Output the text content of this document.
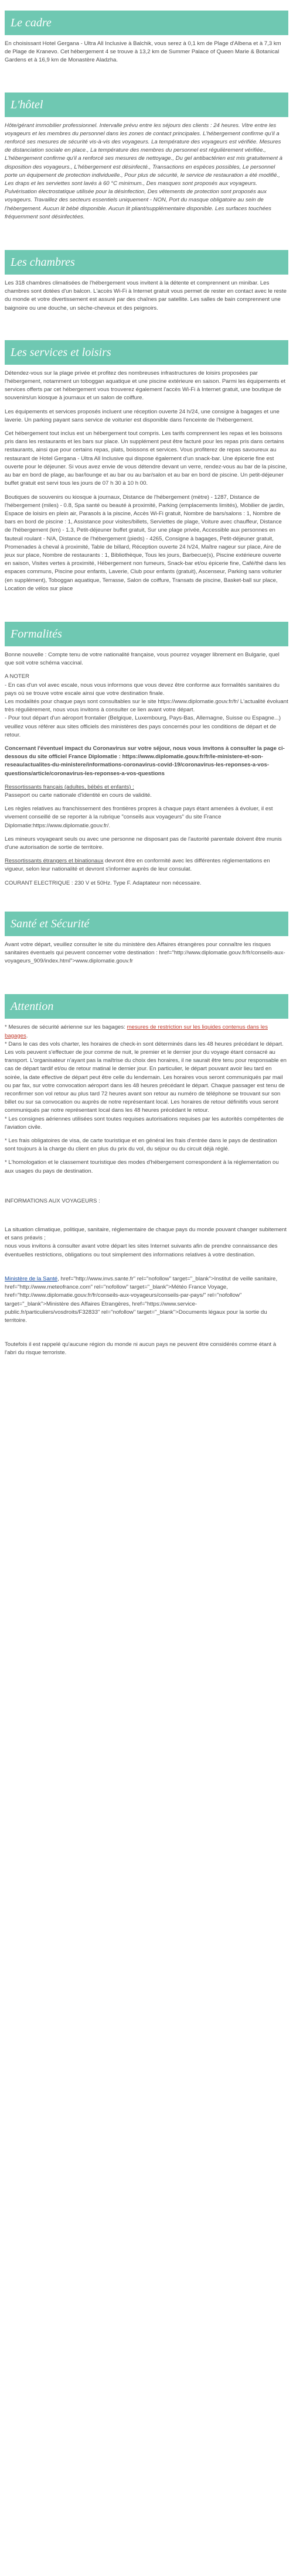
Le cadre

En choisissant Hotel Gergana - Ultra All Inclusive à Balchik, vous serez à 0,1 km de Plage d'Albena et à 7,3 km de Plage de Kranevo. Cet hébergement 4 se trouve à 13,2 km de Summer Palace of Queen Marie & Botanical Gardens et à 16,9 km de Monastère Aladzha.

L'hôtel

Hôte/gérant immobilier professionnel. Intervalle prévu entre les séjours des clients : 24 heures. Vitre entre les voyageurs et les membres du personnel dans les zones de contact principales. L'hébergement confirme qu'il a renforcé ses mesures de sécurité vis-à-vis des voyageurs. La température des voyageurs est vérifiée. Mesures de distanciation sociale en place., La température des membres du personnel est régulièrement vérifiée., L'hébergement confirme qu'il a renforcé ses mesures de nettoyage., Du gel antibactérien est mis gratuitement à disposition des voyageurs., L'hébergement est désinfecté., Transactions en espèces possibles, Le personnel porte un équipement de protection individuelle., Pour plus de sécurité, le service de restauration a été modifié., Les draps et les serviettes sont lavés à 60 °C minimum., Des masques sont proposés aux voyageurs. Pulvérisation électrostatique utilisée pour la désinfection, Des vêtements de protection sont proposés aux voyageurs. Travaillez des secteurs essentiels uniquement - NON, Port du masque obligatoire au sein de l'hébergement. Aucun lit bébé disponible. Aucun lit pliant/supplémentaire disponible. Les surfaces touchées fréquemment sont désinfectées.

Les chambres

Les 318 chambres climatisées de l'hébergement vous invitent à la détente et comprennent un minibar. Les chambres sont dotées d'un balcon. L'accès Wi-Fi à Internet gratuit vous permet de rester en contact avec le reste du monde et votre divertissement est assuré par des chaînes par satellite. Les salles de bain comprennent une baignoire ou une douche, un sèche-cheveux et des peignoirs.

Les services et loisirs

Détendez-vous sur la plage privée et profitez des nombreuses infrastructures de loisirs proposées par l'hébergement, notamment un toboggan aquatique et une piscine extérieure en saison. Parmi les équipements et services offerts par cet hébergement vous trouverez également l'accès Wi-Fi à Internet gratuit, une boutique de souvenirs/un kiosque à journaux et un salon de coiffure.

Les équipements et services proposés incluent une réception ouverte 24 h/24, une consigne à bagages et une laverie. Un parking payant sans service de voiturier est disponible dans l'enceinte de l'hébergement.

Cet hébergement tout inclus est un hébergement tout compris. Les tarifs comprennent les repas et les boissons pris dans les restaurants et les bars sur place. Un supplément peut être facturé pour les repas pris dans certains restaurants, ainsi que pour certains repas, plats, boissons et services. Vous profiterez de repas savoureux au restaurant de Hotel Gergana - Ultra All Inclusive qui dispose également d'un snack-bar. Une épicerie fine est ouverte pour le déjeuner. Si vous avez envie de vous détendre devant un verre, rendez-vous au bar de la piscine, au bar en bord de plage, au bar/lounge et au bar ou au bar/salon et au bar en bord de piscine. Un petit-déjeuner buffet gratuit est servi tous les jours de 07 h 30 à 10 h 00.

Boutiques de souvenirs ou kiosque à journaux, Distance de l'hébergement (mètre) - 1287, Distance de l'hébergement (miles) - 0.8, Spa santé ou beauté à proximité, Parking (emplacements limités), Mobilier de jardin, Espace de loisirs en plein air, Parasols à la piscine, Accès Wi-Fi gratuit, Nombre de bars/salons : 1, Nombre de bars en bord de piscine : 1, Assistance pour visites/billets, Serviettes de plage, Voiture avec chauffeur, Distance de l'hébergement (km) - 1.3, Petit-déjeuner buffet gratuit, Sur une plage privée, Accessible aux personnes en fauteuil roulant - N/A, Distance de l'hébergement (pieds) - 4265, Consigne à bagages, Petit-déjeuner gratuit, Promenades à cheval à proximité, Table de billard, Réception ouverte 24 h/24, Maître nageur sur place, Aire de jeux sur place, Nombre de restaurants : 1, Bibliothèque, Tous les jours, Barbecue(s), Piscine extérieure ouverte en saison, Visites vertes à proximité, Hébergement non fumeurs, Snack-bar et/ou épicerie fine, Café/thé dans les espaces communs, Piscine pour enfants, Laverie, Club pour enfants (gratuit), Ascenseur, Parking sans voiturier (en supplément), Toboggan aquatique, Terrasse, Salon de coiffure, Transats de piscine, Basket-ball sur place, Location de vélos sur place

Formalités

Bonne nouvelle : Compte tenu de votre nationalité française, vous pourrez voyager librement en Bulgarie, quel que soit votre schéma vaccinal.

A NOTER

- En cas d'un vol avec escale, nous vous informons que vous devez être conforme aux formalités sanitaires du pays où se trouve votre escale ainsi que votre destination finale.
Les modalités pour chaque pays sont consultables sur le site https://www.diplomatie.gouv.fr/fr/ L'actualité évoluant très régulièrement, nous vous invitons à consulter ce lien avant votre départ.
- Pour tout départ d'un aéroport frontalier (Belgique, Luxembourg, Pays-Bas, Allemagne, Suisse ou Espagne...) veuillez vous référer aux sites officiels des ministères des pays concernés pour les conditions de départ et de retour.

Concernant l'éventuel impact du Coronavirus sur votre séjour, nous vous invitons à consulter la page ci-dessous du site officiel France Diplomatie : https://www.diplomatie.gouv.fr/fr/le-ministere-et-son-reseau/actualites-du-ministere/informations-coronavirus-covid-19/coronavirus-les-reponses-a-vos-questions/article/coronavirus-les-reponses-a-vos-questions

Ressortissants français (adultes, bébés et enfants) :

Passeport ou carte nationale d'identité en cours de validité.

Les règles relatives au franchissement des frontières propres à chaque pays étant amenées à évoluer, il est vivement conseillé de se reporter à la rubrique "conseils aux voyageurs" du site France Diplomatie:https://www.diplomatie.gouv.fr/.

Les mineurs voyageant seuls ou avec une personne ne disposant pas de l'autorité parentale doivent être munis d'une autorisation de sortie de territoire.

Ressortissants étrangers et binationaux devront être en conformité avec les différentes réglementations en vigueur, selon leur nationalité et devront s'informer auprès de leur consulat.

COURANT ELECTRIQUE : 230 V et 50Hz. Type F. Adaptateur non nécessaire.

Santé et Sécurité

Avant votre départ, veuillez consulter le site du ministère des Affaires étrangères pour connaître les risques sanitaires éventuels qui peuvent concerner votre destination : href="http://www.diplomatie.gouv.fr/fr/conseils-aux-voyageurs_909/index.html">www.diplomatie.gouv.fr

Attention

* Mesures de sécurité aérienne sur les bagages: mesures de restriction sur les liquides contenus dans les bagages.
* Dans le cas des vols charter, les horaires de check-in sont déterminés dans les 48 heures précédant le départ. Les vols peuvent s'effectuer de jour comme de nuit, le premier et le dernier jour du voyage étant consacré au transport. L'organisateur n'ayant pas la maîtrise du choix des horaires, il ne saurait être tenu pour responsable en cas de départ tardif et/ou de retour matinal le dernier jour. En particulier, le départ pouvant avoir lieu tard en soirée, la date effective de départ peut être celle du lendemain. Les horaires vous seront communiqués par mail ou par fax, sur votre convocation aéroport dans les 48 heures précédant le départ. Chaque passager est tenu de reconfirmer son vol retour au plus tard 72 heures avant son retour au numéro de téléphone se trouvant sur son billet ou sur sa convocation ou auprès de notre représentant local. Les horaires de retour définitifs vous seront communiqués par notre représentant local dans les 48 heures précédant le retour.
* Les consignes aériennes utilisées sont toutes requises autorisations requises par les autorités compétentes de l'aviation civile.

* Les frais obligatoires de visa, de carte touristique et en général les frais d'entrée dans le pays de destination sont toujours à la charge du client en plus du prix du vol, du séjour ou du circuit déjà réglé.

* L'homologation et le classement touristique des modes d'hébergement correspondent à la réglementation ou aux usages du pays de destination.

INFORMATIONS AUX VOYAGEURS :

La situation climatique, politique, sanitaire, réglementaire de chaque pays du monde pouvant changer subitement et sans préavis ;
nous vous invitons à consulter avant votre départ les sites Internet suivants afin de prendre connaissance des éventuelles restrictions, obligations ou tout simplement des informations relatives à votre destination.

Ministère de la Santé, href="http://www.invs.sante.fr" rel="nofollow" target="_blank">Institut de veille sanitaire, href="http://www.meteofrance.com" rel="nofollow" target="_blank">Météo France Voyage, href="http://www.diplomatie.gouv.fr/fr/conseils-aux-voyageurs/conseils-par-pays/" rel="nofollow" target="_blank">Ministère des Affaires Etrangères, href="https://www.service-public.fr/particuliers/vosdroits/F32833" rel="nofollow" target="_blank">Documents légaux pour la sortie du territoire.

Toutefois il est rappelé qu'aucune région du monde ni aucun pays ne peuvent être considérés comme étant à l'abri du risque terroriste.
